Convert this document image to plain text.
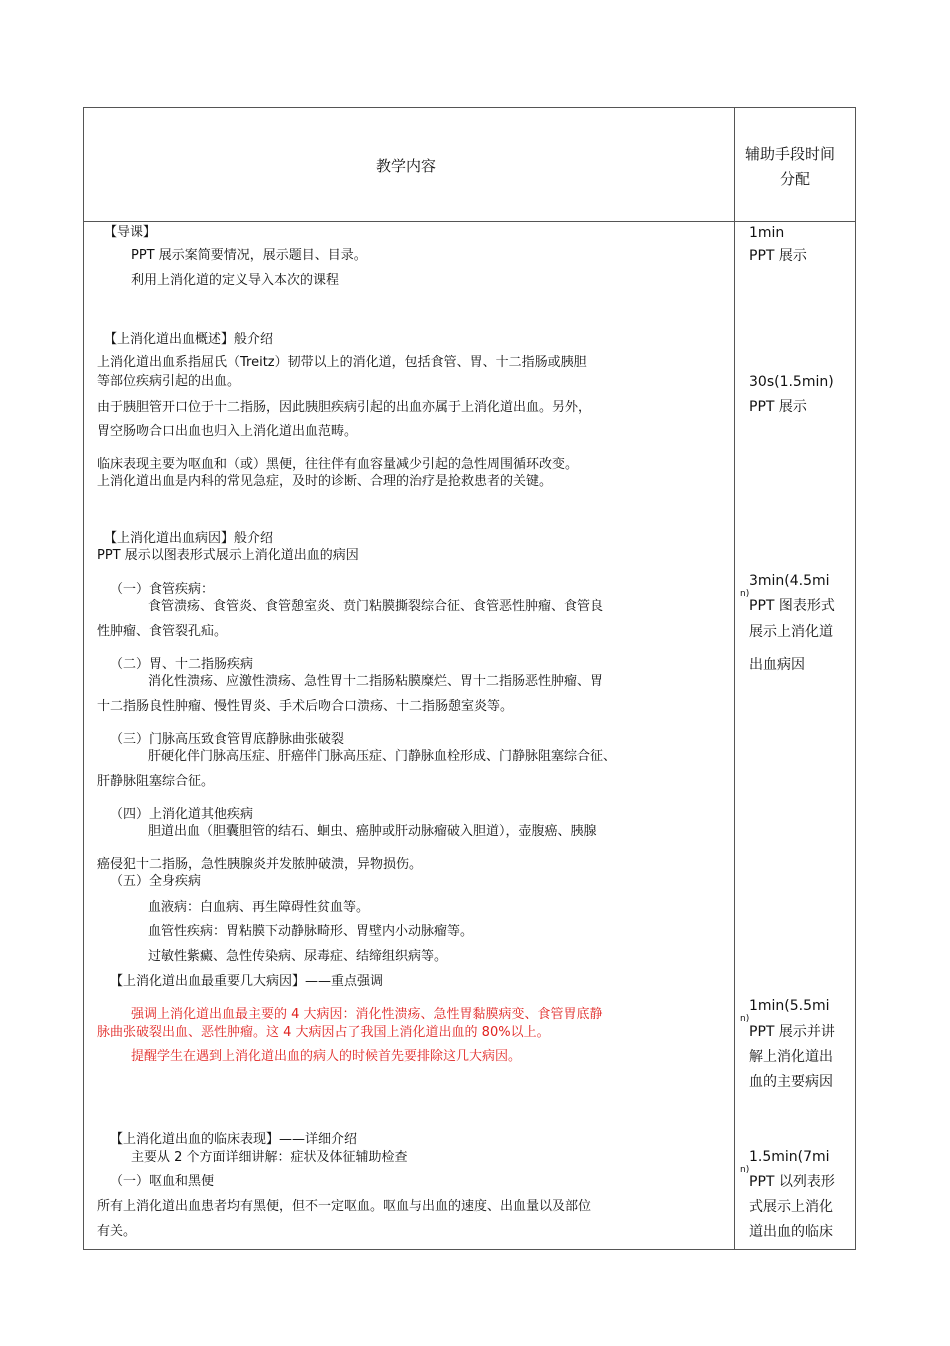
教学内容
辅助手段时间
分配
【导课】
PPT 展示案简要情况，展示题目、目录。
利用上消化道的定义导入本次的课程
【上消化道出血概述】般介绍
上消化道出血系指屈氏（Treitz）韧带以上的消化道，包括食管、胃、十二指肠或胰胆
等部位疾病引起的出血。
由于胰胆管开口位于十二指肠，因此胰胆疾病引起的出血亦属于上消化道出血。另外，
胃空肠吻合口出血也归入上消化道出血范畴。
临床表现主要为呕血和（或）黑便，往往伴有血容量减少引起的急性周围循环改变。
上消化道出血是内科的常见急症，及时的诊断、合理的治疗是抢救患者的关键。
【上消化道出血病因】般介绍
PPT 展示以图表形式展示上消化道出血的病因
（一）食管疾病：
食管溃疡、食管炎、食管憩室炎、贲门粘膜撕裂综合征、食管恶性肿瘤、食管良
性肿瘤、食管裂孔疝。
（二）胃、十二指肠疾病
消化性溃疡、应激性溃疡、急性胃十二指肠粘膜糜烂、胃十二指肠恶性肿瘤、胃
十二指肠良性肿瘤、慢性胃炎、手术后吻合口溃疡、十二指肠憩室炎等。
（三）门脉高压致食管胃底静脉曲张破裂
肝硬化伴门脉高压症、肝癌伴门脉高压症、门静脉血栓形成、门静脉阻塞综合征、
肝静脉阻塞综合征。
（四）上消化道其他疾病
胆道出血（胆囊胆管的结石、蛔虫、癌肿或肝动脉瘤破入胆道），壶腹癌、胰腺
癌侵犯十二指肠，急性胰腺炎并发脓肿破溃，异物损伤。
（五）全身疾病
血液病：白血病、再生障碍性贫血等。
血管性疾病：胃粘膜下动静脉畸形、胃壁内小动脉瘤等。
过敏性紫癜、急性传染病、尿毒症、结缔组织病等。
【上消化道出血最重要几大病因】——重点强调
强调上消化道出血最主要的 4 大病因：消化性溃疡、急性胃黏膜病变、食管胃底静
脉曲张破裂出血、恶性肿瘤。这 4 大病因占了我国上消化道出血的 80%以上。
提醒学生在遇到上消化道出血的病人的时候首先要排除这几大病因。
【上消化道出血的临床表现】——详细介绍
主要从 2 个方面详细讲解：症状及体征辅助检查
（一）呕血和黑便
所有上消化道出血患者均有黑便，但不一定呕血。呕血与出血的速度、出血量以及部位
有关。
1min
PPT 展示
30s(1.5min)
PPT 展示
3min(4.5mi
n)
PPT 图表形式
展示上消化道
出血病因
1min(5.5mi
n)
PPT 展示并讲
解上消化道出
血的主要病因
1.5min(7mi
n)
PPT 以列表形
式展示上消化
道出血的临床
